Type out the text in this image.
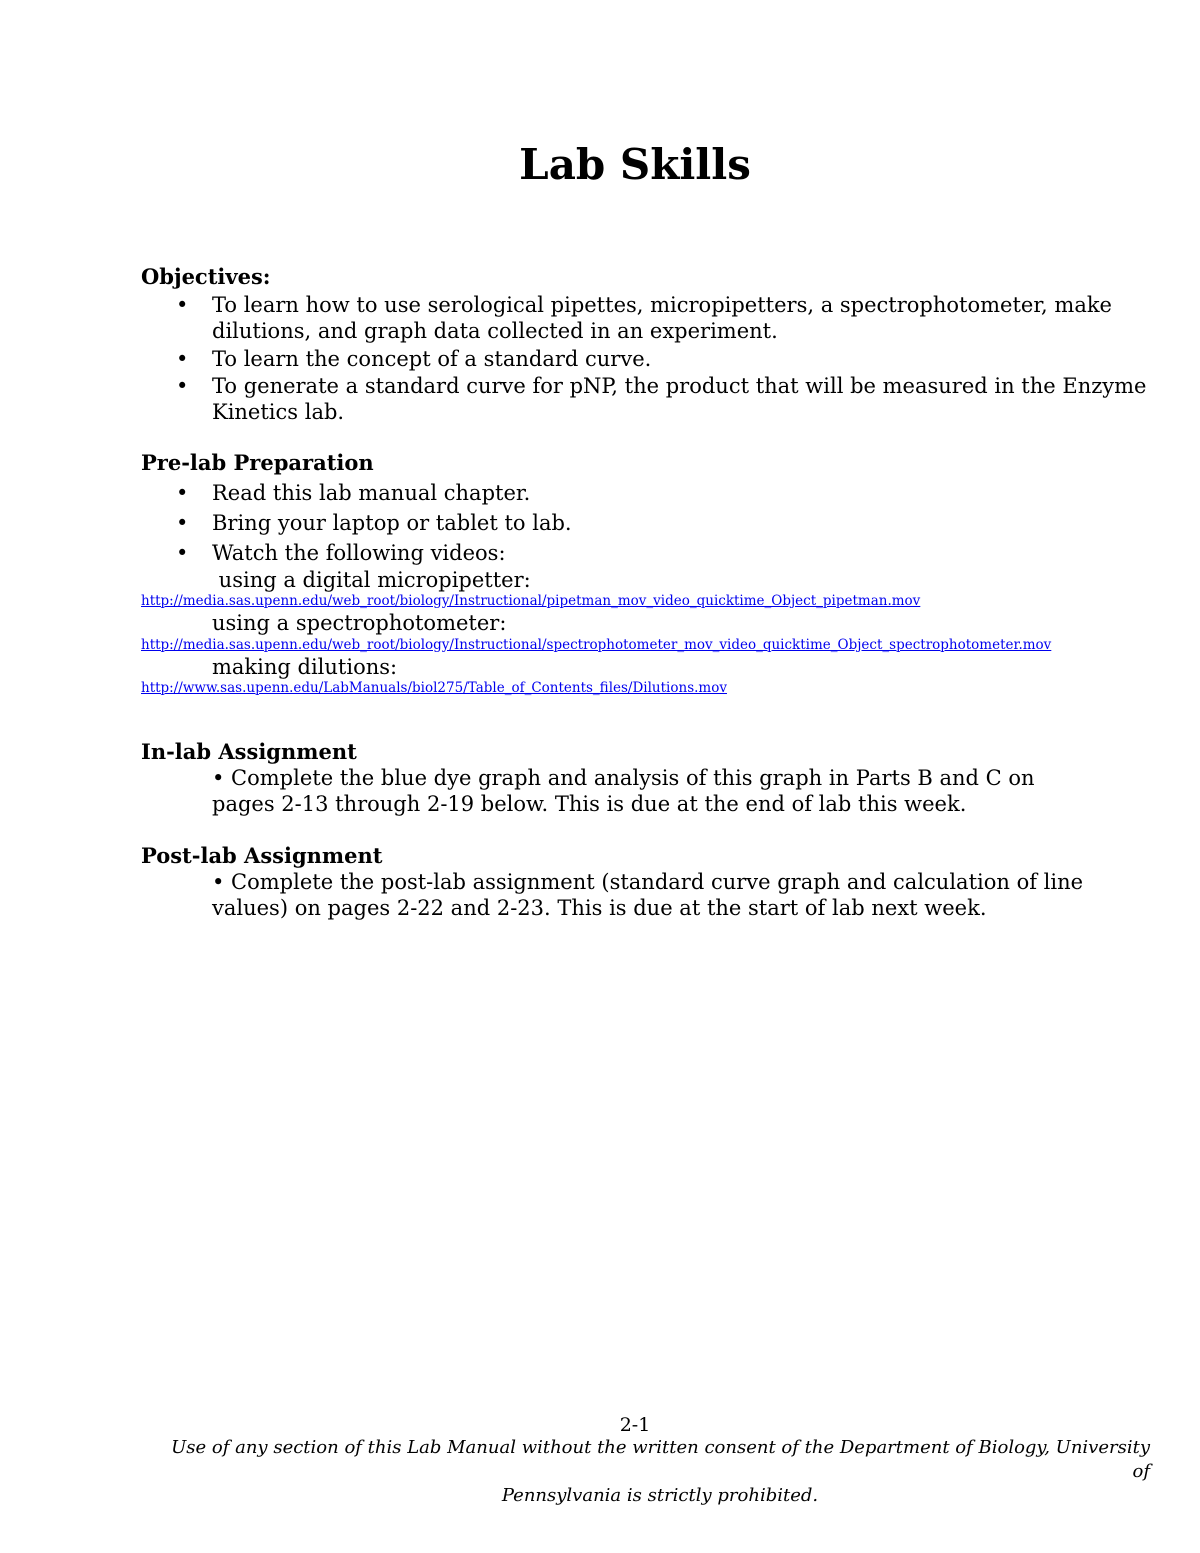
Lab Skills
Objectives:
• To learn how to use serological pipettes, micropipetters, a spectrophotometer, make
dilutions, and graph data collected in an experiment.
• To learn the concept of a standard curve.
• To generate a standard curve for pNP, the product that will be measured in the Enzyme
Kinetics lab.
Pre-lab Preparation
• Read this lab manual chapter.
• Bring your laptop or tablet to lab.
• Watch the following videos:
using a digital micropipetter:
http://media.sas.upenn.edu/web_root/biology/Instructional/pipetman_mov_video_quicktime_Object_pipetman.mov
using a spectrophotometer:
http://media.sas.upenn.edu/web_root/biology/Instructional/spectrophotometer_mov_video_quicktime_Object_spectrophotometer.mov
making dilutions:
http://www.sas.upenn.edu/LabManuals/biol275/Table_of_Contents_files/Dilutions.mov
In-lab Assignment
• Complete the blue dye graph and analysis of this graph in Parts B and C on
pages 2-13 through 2-19 below. This is due at the end of lab this week.
Post-lab Assignment
• Complete the post-lab assignment (standard curve graph and calculation of line
values) on pages 2-22 and 2-23. This is due at the start of lab next week.
2-1
Use of any section of this Lab Manual without the written consent of the Department of Biology, University of
Pennsylvania is strictly prohibited.
